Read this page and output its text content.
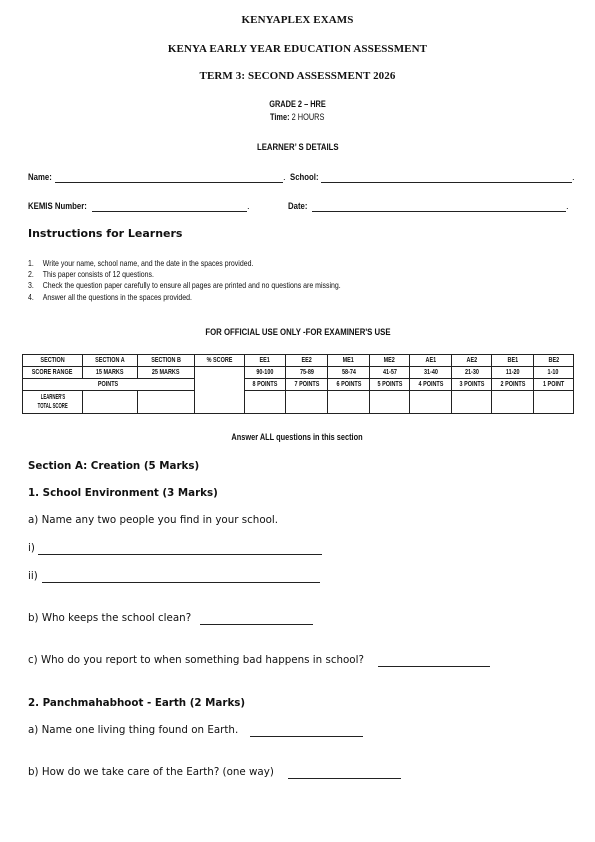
KENYAPLEX EXAMS
KENYA EARLY YEAR EDUCATION ASSESSMENT
TERM 3: SECOND ASSESSMENT 2026
GRADE 2 – HRE
Time: 2 HOURS
LEARNER’ S DETAILS
Name:	. School:	.
KEMIS Number:	.	Date:	.
Instructions for Learners
1. Write your name, school name, and the date in the spaces provided.
2. This paper consists of 12 questions.
3. Check the question paper carefully to ensure all pages are printed and no questions are missing.
4. Answer all the questions in the spaces provided.
FOR OFFICIAL USE ONLY -FOR EXAMINER'S USE
SECTION	SECTION A	SECTION B	% SCORE	EE1	EE2	ME1	ME2	AE1	AE2	BE1	BE2
SCORE RANGE	15 MARKS	25 MARKS		90-100	75-89	58-74	41-57	31-40	21-30	11-20	1-10
POINTS				8 POINTS	7 POINTS	6 POINTS	5 POINTS	4 POINTS	3 POINTS	2 POINTS	1 POINT
LEARNER'S
TOTAL SCORE											
Answer ALL questions in this section
Section A: Creation (5 Marks)
1. School Environment (3 Marks)
a) Name any two people you find in your school.
i)
ii)
b) Who keeps the school clean?
c) Who do you report to when something bad happens in school?
2. Panchmahabhoot - Earth (2 Marks)
a) Name one living thing found on Earth.
b) How do we take care of the Earth? (one way)
